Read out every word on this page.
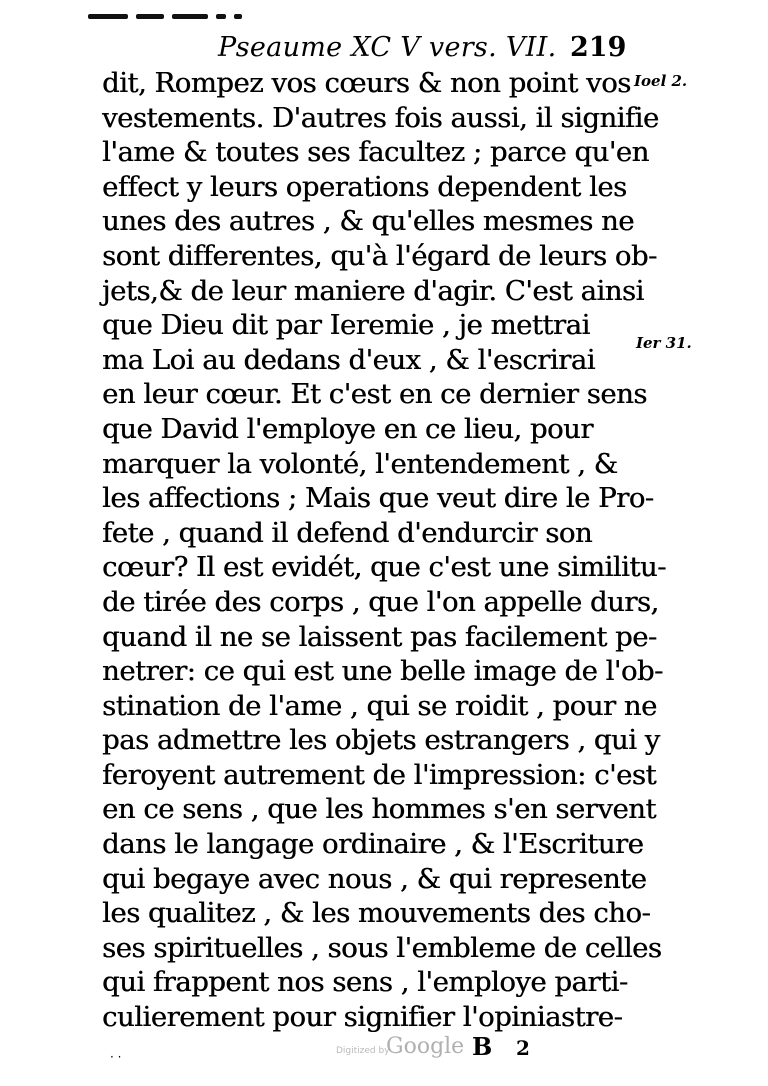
Pseaume XC V vers. VII. 219
dit, Rompez vos cœurs & non point vos
vestements. D'autres fois aussi, il signifie
l'ame & toutes ses facultez ; parce qu'en
effect y leurs operations dependent les
unes des autres , & qu'elles mesmes ne
sont differentes, qu'à l'égard de leurs ob-
jets,& de leur maniere d'agir. C'est ainsi
que Dieu dit par Ieremie , je mettrai
ma Loi au dedans d'eux , & l'escrirai
en leur cœur. Et c'est en ce dernier sens
que David l'employe en ce lieu, pour
marquer la volonté, l'entendement , &
les affections ; Mais que veut dire le Pro-
fete , quand il defend d'endurcir son
cœur? Il est evidét, que c'est une similitu-
de tirée des corps , que l'on appelle durs,
quand il ne se laissent pas facilement pe-
netrer: ce qui est une belle image de l'ob-
stination de l'ame , qui se roidit , pour ne
pas admettre les objets estrangers , qui y
feroyent autrement de l'impression: c'est
en ce sens , que les hommes s'en servent
dans le langage ordinaire , & l'Escriture
qui begaye avec nous , & qui represente
les qualitez , & les mouvements des cho-
ses spirituelles , sous l'embleme de celles
qui frappent nos sens , l'employe parti-
culierement pour signifier l'opiniastre-
Ioel 2.
Ier 31.
· ·	Digitized by
Google B 2
